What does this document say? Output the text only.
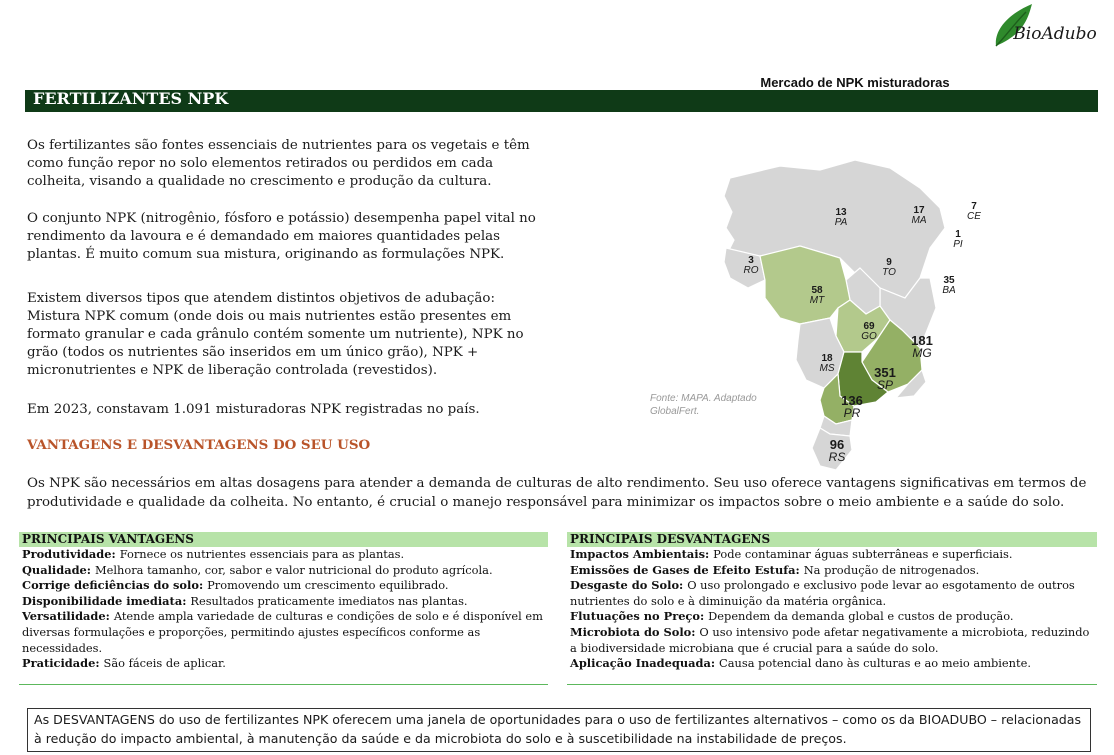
BioAdubo
Mercado de NPK misturadoras
FERTILIZANTES NPK

Os fertilizantes são fontes essenciais de nutrientes para os vegetais e têm como função repor no solo elementos retirados ou perdidos em cada colheita, visando a qualidade no crescimento e produção da cultura.

O conjunto NPK (nitrogênio, fósforo e potássio) desempenha papel vital no rendimento da lavoura e é demandado em maiores quantidades pelas plantas. É muito comum sua mistura, originando as formulações NPK.

Existem diversos tipos que atendem distintos objetivos de adubação: Mistura NPK comum (onde dois ou mais nutrientes estão presentes em formato granular e cada grânulo contém somente um nutriente), NPK no grão (todos os nutrientes são inseridos em um único grão), NPK + micronutrientes e NPK de liberação controlada (revestidos).

Em 2023, constavam 1.091 misturadoras NPK registradas no país.

13
PA
17
MA
7
CE
1
PI
3
RO
9
TO
35
BA
58
MT
69
GO	181
MG
18
MS	351
SP
136
PR
96
RS
Fonte: MAPA. Adaptado GlobalFert.
VANTAGENS E DESVANTAGENS DO SEU USO

Os NPK são necessários em altas dosagens para atender a demanda de culturas de alto rendimento. Seu uso oferece vantagens significativas em termos de produtividade e qualidade da colheita. No entanto, é crucial o manejo responsável para minimizar os impactos sobre o meio ambiente e a saúde do solo.

PRINCIPAIS VANTAGENS
Produtividade: Fornece os nutrientes essenciais para as plantas.
Qualidade: Melhora tamanho, cor, sabor e valor nutricional do produto agrícola.
Corrige deficiências do solo: Promovendo um crescimento equilibrado.
Disponibilidade imediata: Resultados praticamente imediatos nas plantas.
Versatilidade: Atende ampla variedade de culturas e condições de solo e é disponível em diversas formulações e proporções, permitindo ajustes específicos conforme as necessidades.
Praticidade: São fáceis de aplicar.
PRINCIPAIS DESVANTAGENS
Impactos Ambientais: Pode contaminar águas subterrâneas e superficiais.
Emissões de Gases de Efeito Estufa: Na produção de nitrogenados.
Desgaste do Solo: O uso prolongado e exclusivo pode levar ao esgotamento de outros nutrientes do solo e à diminuição da matéria orgânica.
Flutuações no Preço: Dependem da demanda global e custos de produção.
Microbiota do Solo: O uso intensivo pode afetar negativamente a microbiota, reduzindo a biodiversidade microbiana que é crucial para a saúde do solo.
Aplicação Inadequada: Causa potencial dano às culturas e ao meio ambiente.
As DESVANTAGENS do uso de fertilizantes NPK oferecem uma janela de oportunidades para o uso de fertilizantes alternativos – como os da BIOADUBO – relacionadas à redução do impacto ambiental, à manutenção da saúde e da microbiota do solo e à suscetibilidade na instabilidade de preços.
